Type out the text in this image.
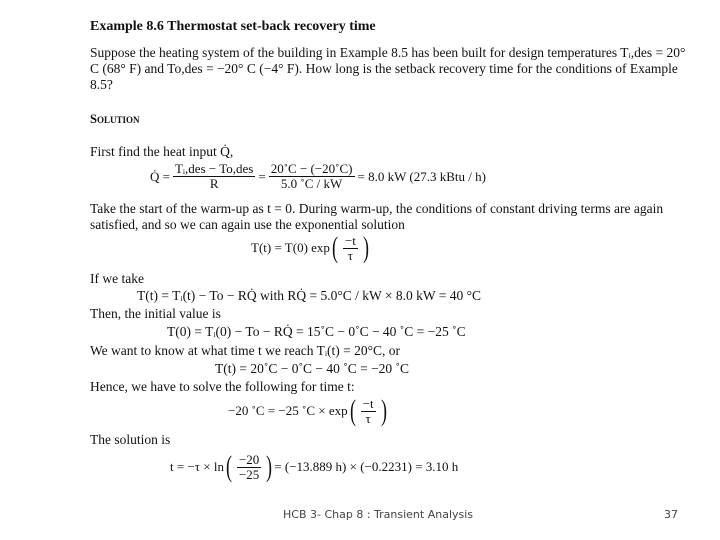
Example 8.6 Thermostat set-back recovery time
Suppose the heating system of the building in Example 8.5 has been built for design temperatures Tᵢ,des = 20°
C (68° F) and To,des = −20° C (−4° F). How long is the setback recovery time for the conditions of Example
8.5?
Solution
First find the heat input Q̇,
Q̇ = Tᵢ,des − To,des
R	= $\frac{20˚C - (-20˚C)}{5.0 ˚C / kW} = 8.0$ kW (27.3 kBtu / h)
Take the start of the warm-up as t = 0. During warm-up, the conditions of constant driving terms are again
satisfied, and so we can again use the exponential solution
T(t) = T(0) exp ( $\frac{-t}{\tau}$ )
If we take
T(t) = Tᵢ(t) − To − RQ̇ with RQ̇ = 5.0°C / kW × 8.0 kW = 40 °C
Then, the initial value is
T(0) = Tᵢ(0) − To − RQ̇ = 15˚C − 0˚C − 40 ˚C = −25 ˚C
We want to know at what time t we reach Tᵢ(t) = 20°C, or
T(t) = 20˚C − 0˚C − 40 ˚C = −20 ˚C
Hence, we have to solve the following for time t:
−20 ˚C = −25 ˚C × exp ( $\frac{-t}{\tau}$ )
The solution is
t = −τ × ln ( $\frac{-20}{-25}$ ) = (−13.889 h) × (−0.2231) = 3.10 h
HCB 3- Chap 8 : Transient Analysis	37
